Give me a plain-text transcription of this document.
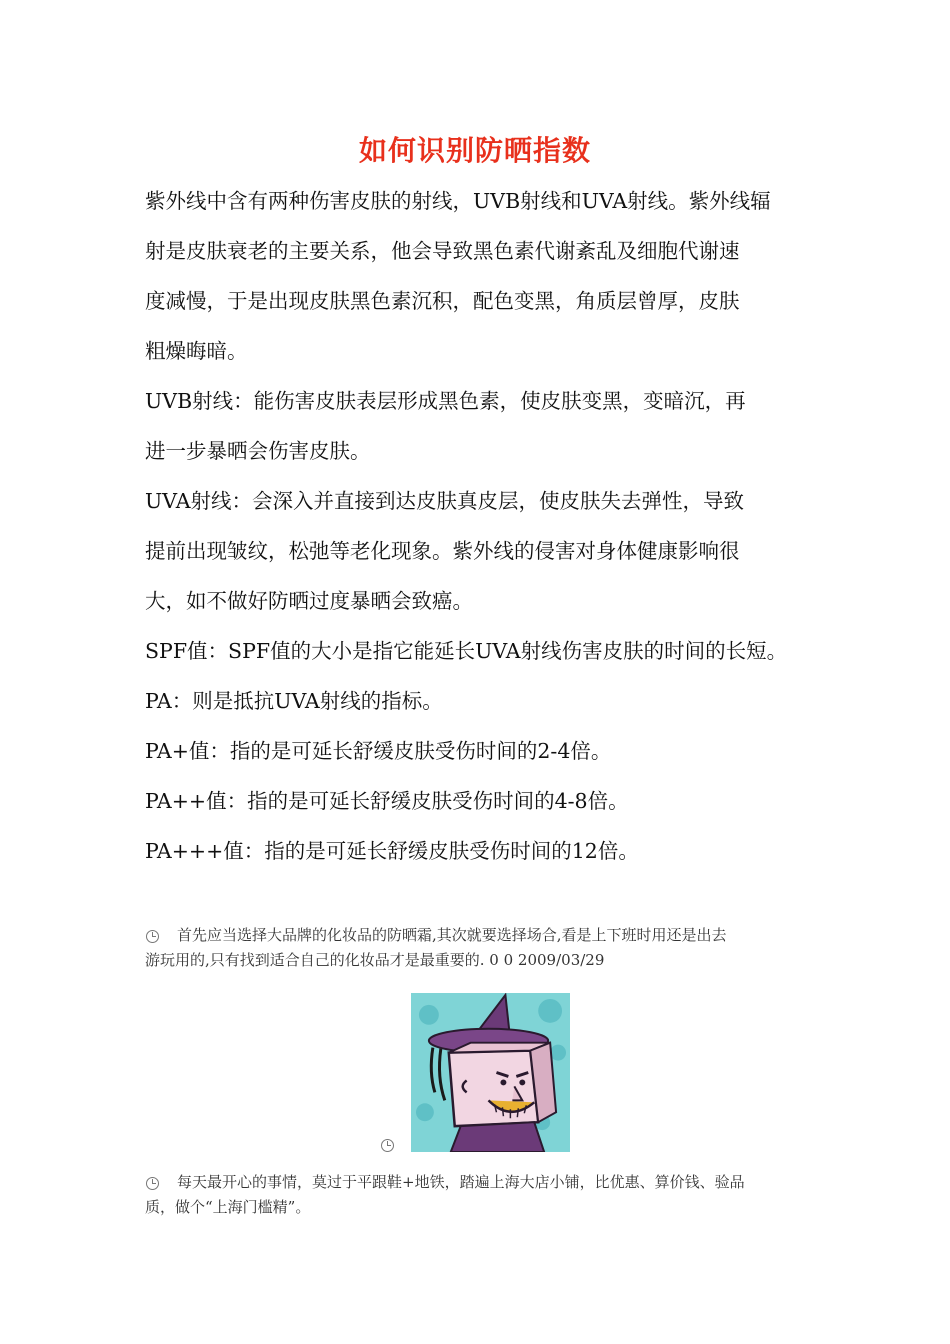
如何识别防晒指数

紫外线中含有两种伤害皮肤的射线，UVB射线和UVA射线。紫外线辐

射是皮肤衰老的主要关系，他会导致黑色素代谢紊乱及细胞代谢速

度减慢，于是出现皮肤黑色素沉积，配色变黑，角质层曾厚，皮肤

粗燥晦暗。

UVB射线：能伤害皮肤表层形成黑色素，使皮肤变黑，变暗沉，再

进一步暴晒会伤害皮肤。

UVA射线：会深入并直接到达皮肤真皮层，使皮肤失去弹性，导致

提前出现皱纹，松弛等老化现象。紫外线的侵害对身体健康影响很

大，如不做好防晒过度暴晒会致癌。

SPF值：SPF值的大小是指它能延长UVA射线伤害皮肤的时间的长短。

PA：则是抵抗UVA射线的指标。

PA+值：指的是可延长舒缓皮肤受伤时间的2-4倍。

PA++值：指的是可延长舒缓皮肤受伤时间的4-8倍。

PA+++值：指的是可延长舒缓皮肤受伤时间的12倍。

首先应当选择大品牌的化妆品的防晒霜,其次就要选择场合,看是上下班时用还是出去

游玩用的,只有找到适合自己的化妆品才是最重要的. 0 0 2009/03/29

每天最开心的事情，莫过于平跟鞋+地铁，踏遍上海大店小铺，比优惠、算价钱、验品

质，做个“上海门槛精”。
